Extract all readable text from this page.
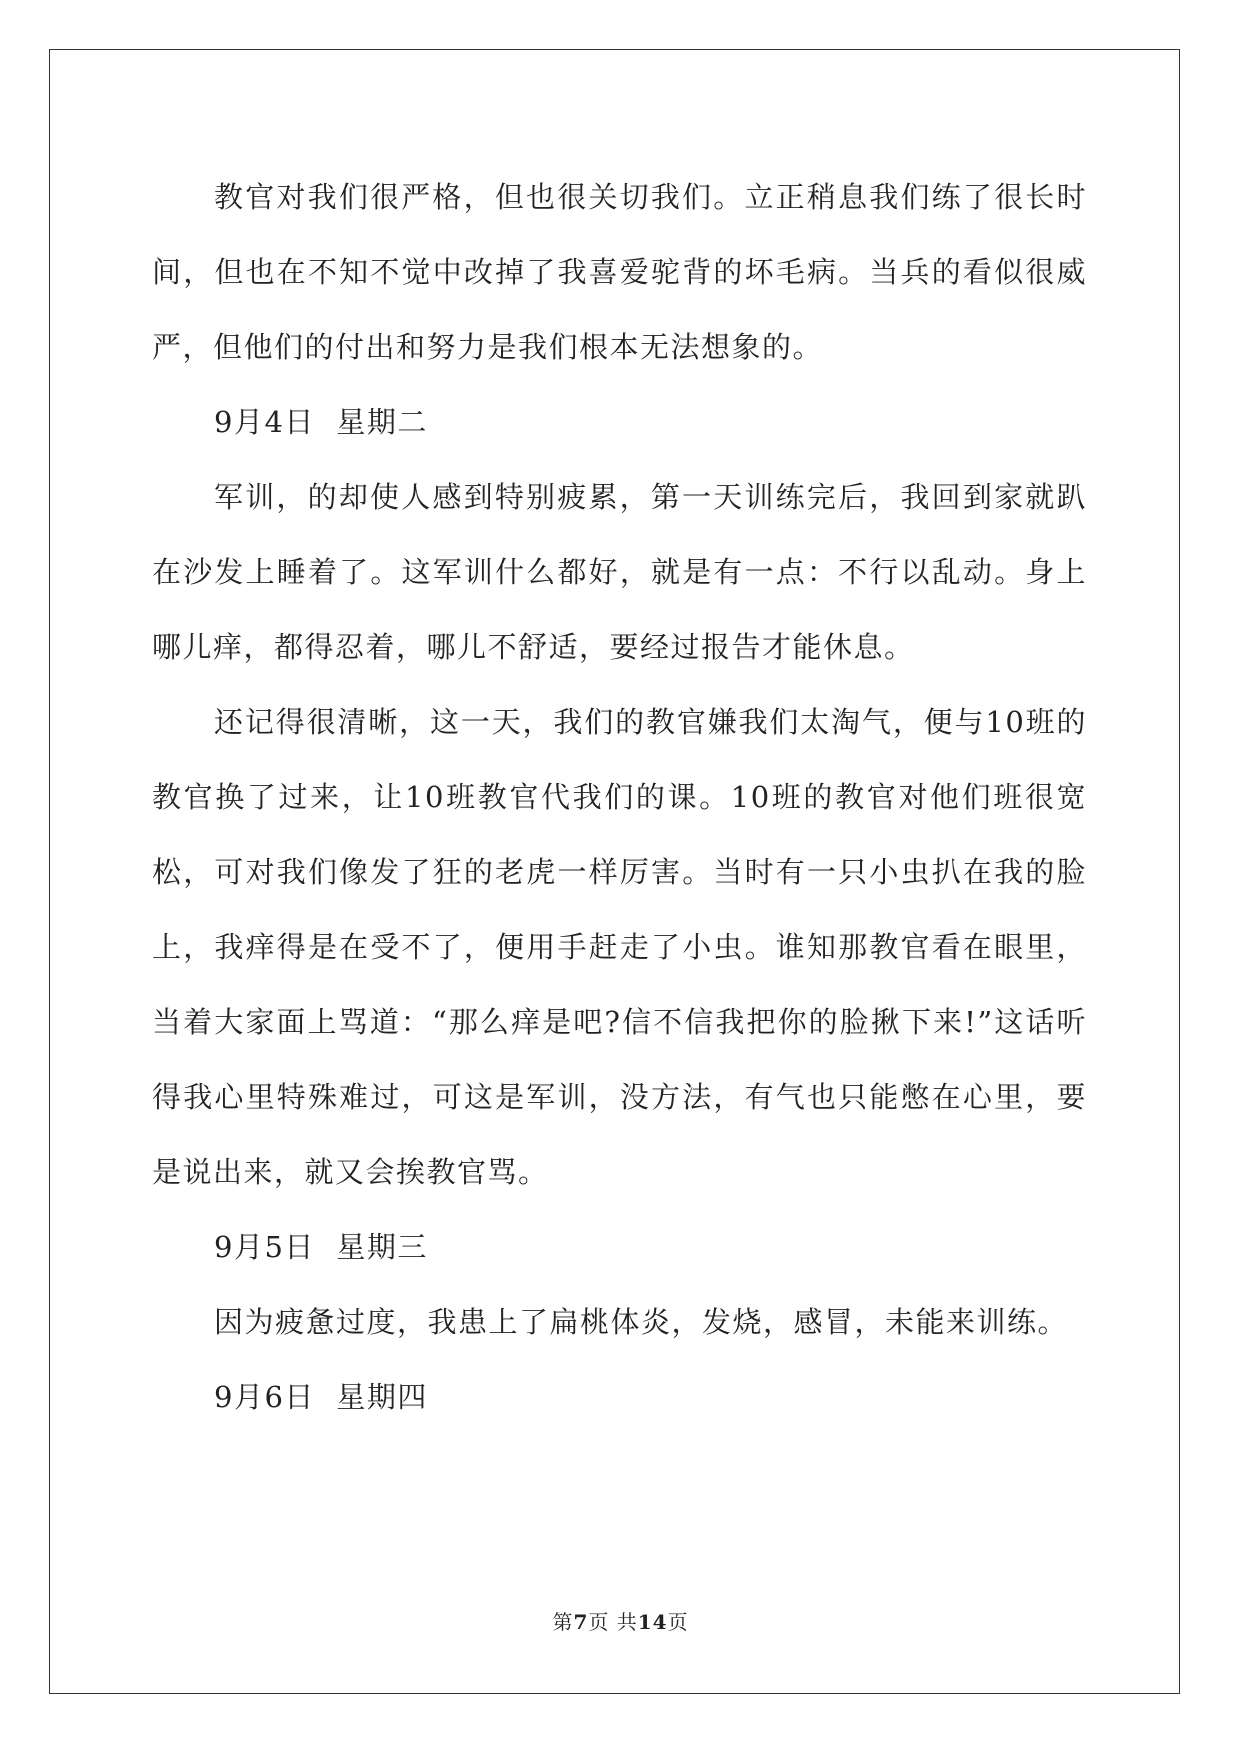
教官对我们很严格，但也很关切我们。立正稍息我们练了很长时间，但也在不知不觉中改掉了我喜爱驼背的坏毛病。当兵的看似很威严，但他们的付出和努力是我们根本无法想象的。

9月4日  星期二

军训，的却使人感到特别疲累，第一天训练完后，我回到家就趴在沙发上睡着了。这军训什么都好，就是有一点：不行以乱动。身上哪儿痒，都得忍着，哪儿不舒适，要经过报告才能休息。

还记得很清晰，这一天，我们的教官嫌我们太淘气，便与10班的教官换了过来，让10班教官代我们的课。10班的教官对他们班很宽松，可对我们像发了狂的老虎一样厉害。当时有一只小虫扒在我的脸上，我痒得是在受不了，便用手赶走了小虫。谁知那教官看在眼里，当着大家面上骂道：“那么痒是吧?信不信我把你的脸揪下来!”这话听得我心里特殊难过，可这是军训，没方法，有气也只能憋在心里，要是说出来，就又会挨教官骂。

9月5日  星期三

因为疲惫过度，我患上了扁桃体炎，发烧，感冒，未能来训练。

9月6日  星期四

第7页 共14页
